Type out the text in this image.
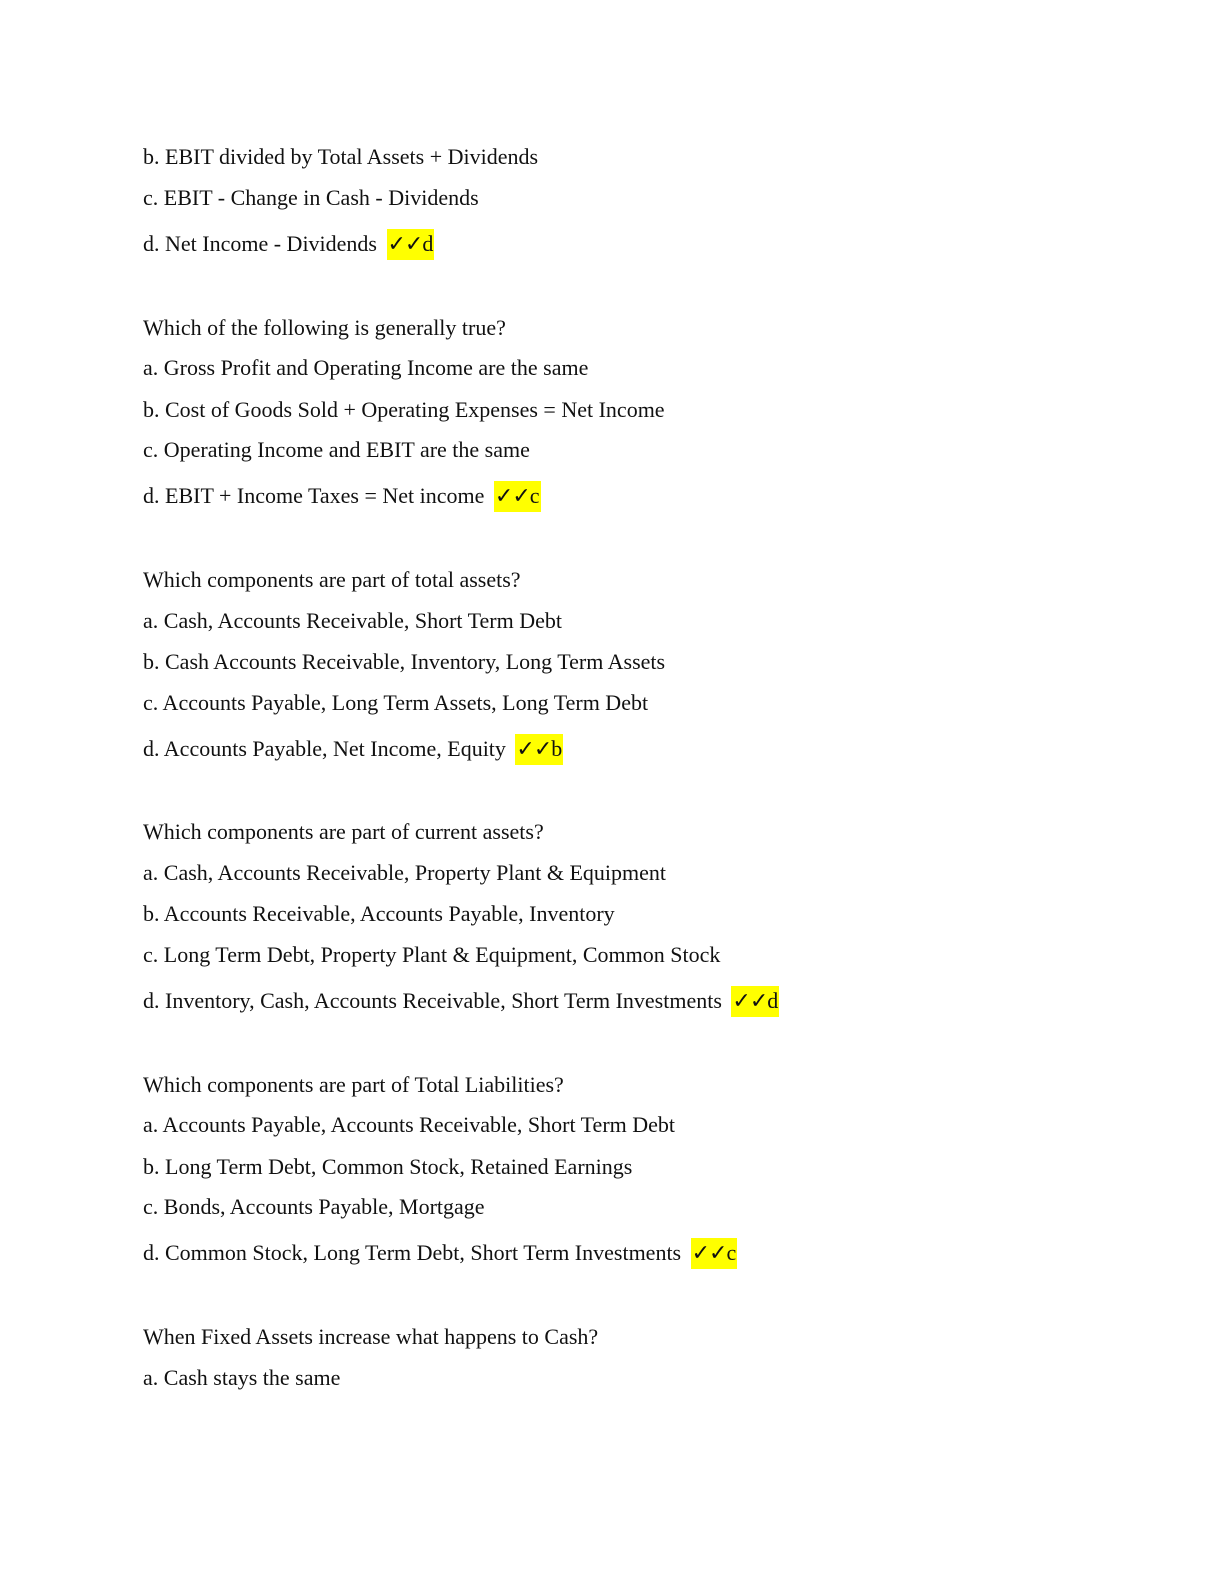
b. EBIT divided by Total Assets + Dividends
c. EBIT - Change in Cash - Dividends
d. Net Income - Dividends ✓✓d
Which of the following is generally true?
a. Gross Profit and Operating Income are the same
b. Cost of Goods Sold + Operating Expenses = Net Income
c. Operating Income and EBIT are the same
d. EBIT + Income Taxes = Net income ✓✓c
Which components are part of total assets?
a. Cash, Accounts Receivable, Short Term Debt
b. Cash Accounts Receivable, Inventory, Long Term Assets
c. Accounts Payable, Long Term Assets, Long Term Debt
d. Accounts Payable, Net Income, Equity ✓✓b
Which components are part of current assets?
a. Cash, Accounts Receivable, Property Plant & Equipment
b. Accounts Receivable, Accounts Payable, Inventory
c. Long Term Debt, Property Plant & Equipment, Common Stock
d. Inventory, Cash, Accounts Receivable, Short Term Investments ✓✓d
Which components are part of Total Liabilities?
a. Accounts Payable, Accounts Receivable, Short Term Debt
b. Long Term Debt, Common Stock, Retained Earnings
c. Bonds, Accounts Payable, Mortgage
d. Common Stock, Long Term Debt, Short Term Investments ✓✓c
When Fixed Assets increase what happens to Cash?
a. Cash stays the same
